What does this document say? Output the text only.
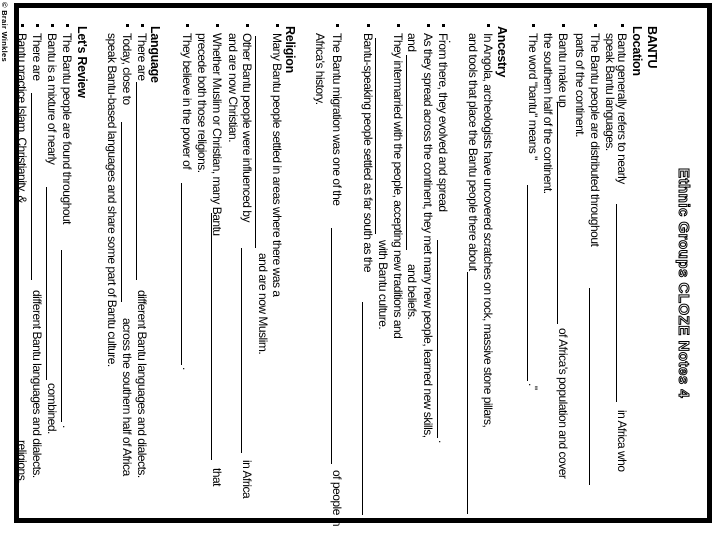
Ethnic Groups CLOZE Notes 4
BANTU
Location
Bantu generally refers to nearly
in Africa who
speak Bantu languages.
The Bantu people are distributed throughout
parts of the continent.
Bantu make up
of Africa's population and cover
the southern half of the continent.
The word "bantu" means "
."
Ancestry
In Angola, archeologists have uncovered scratches on rock, massive stone pillars,
and tools that place the Bantu people there about
.
From there, they evolved and spread
.
As they spread across the continent, they met many new people, learned new skills,
and
and beliefs.
They intermarried with the people, accepting new traditions and
with Bantu culture.
Bantu-speaking people settled as far south as the
The Bantu migration was one of the
of people in
Africa's history.
Religion
Many Bantu people settled in areas where there was a
and are now Muslim.
Other Bantu people were influenced by
in Africa
and are now Christian.
Whether Muslim or Christian, many Bantu
that
precede both those religions.
They believe in the power of
.
Language
There are
different Bantu languages and dialects.
Today, close to
across the southern half of Africa
speak Bantu-based languages and share some part of Bantu culture.
Let's Review
The Bantu people are found throughout
.
Bantu is a mixture of nearly
combined.
There are
different Bantu languages and dialects.
Bantu practice Islam, Christianity, &
religions.
© Brair Winkles
